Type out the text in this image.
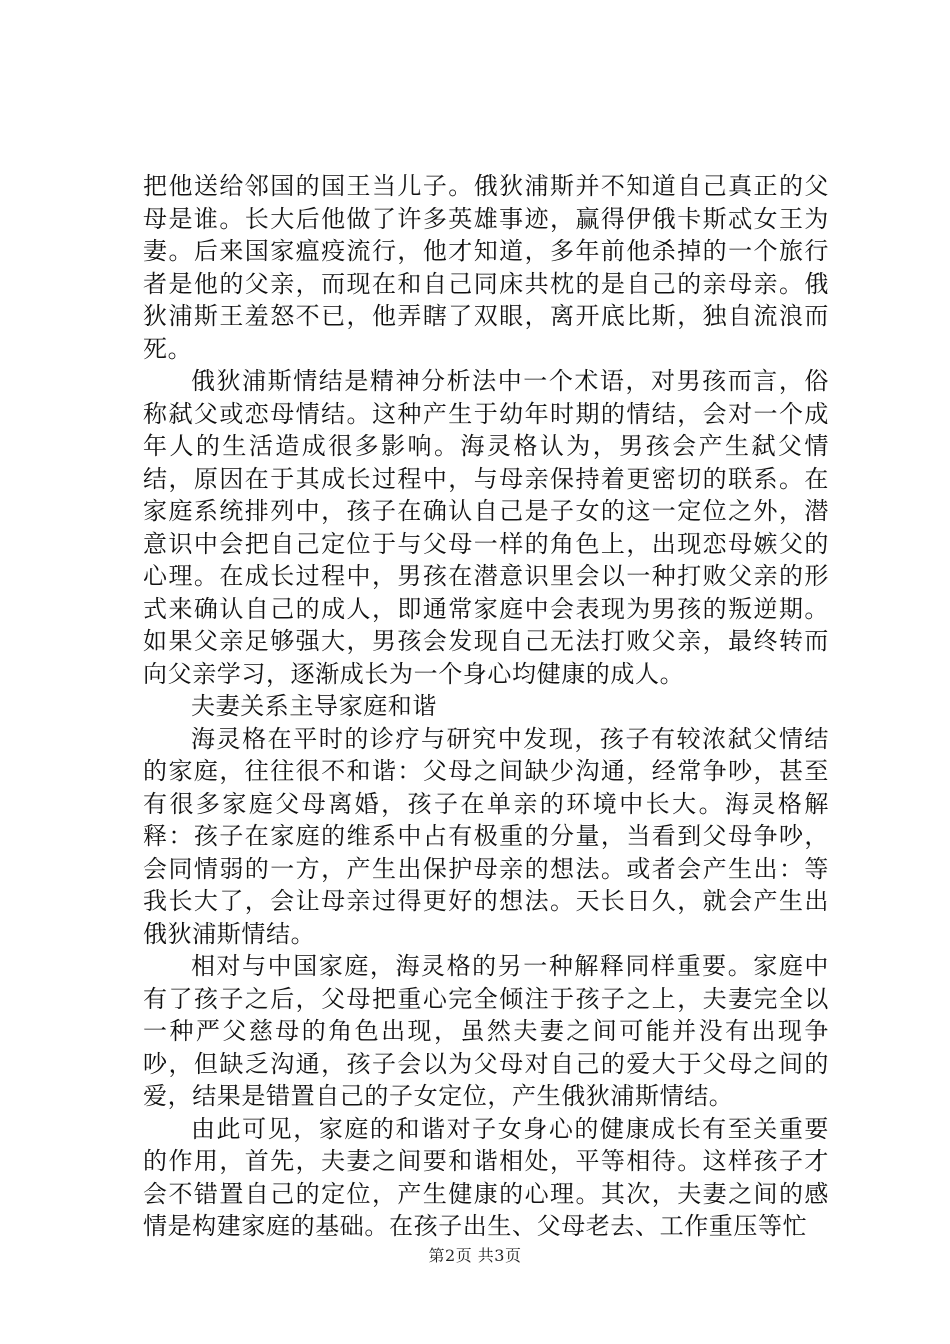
把他送给邻国的国王当儿子。俄狄浦斯并不知道自己真正的父母是谁。长大后他做了许多英雄事迹，赢得伊俄卡斯忒女王为妻。后来国家瘟疫流行，他才知道，多年前他杀掉的一个旅行者是他的父亲，而现在和自己同床共枕的是自己的亲母亲。俄狄浦斯王羞怒不已，他弄瞎了双眼，离开底比斯，独自流浪而死。

俄狄浦斯情结是精神分析法中一个术语，对男孩而言，俗称弑父或恋母情结。这种产生于幼年时期的情结，会对一个成年人的生活造成很多影响。海灵格认为，男孩会产生弑父情结，原因在于其成长过程中，与母亲保持着更密切的联系。在家庭系统排列中，孩子在确认自己是子女的这一定位之外，潜意识中会把自己定位于与父母一样的角色上，出现恋母嫉父的心理。在成长过程中，男孩在潜意识里会以一种打败父亲的形式来确认自己的成人，即通常家庭中会表现为男孩的叛逆期。如果父亲足够强大，男孩会发现自己无法打败父亲，最终转而向父亲学习，逐渐成长为一个身心均健康的成人。

夫妻关系主导家庭和谐

海灵格在平时的诊疗与研究中发现，孩子有较浓弑父情结的家庭，往往很不和谐：父母之间缺少沟通，经常争吵，甚至有很多家庭父母离婚，孩子在单亲的环境中长大。海灵格解释：孩子在家庭的维系中占有极重的分量，当看到父母争吵，会同情弱的一方，产生出保护母亲的想法。或者会产生出：等我长大了，会让母亲过得更好的想法。天长日久，就会产生出俄狄浦斯情结。

相对与中国家庭，海灵格的另一种解释同样重要。家庭中有了孩子之后，父母把重心完全倾注于孩子之上，夫妻完全以一种严父慈母的角色出现，虽然夫妻之间可能并没有出现争吵，但缺乏沟通，孩子会以为父母对自己的爱大于父母之间的爱，结果是错置自己的子女定位，产生俄狄浦斯情结。

由此可见，家庭的和谐对子女身心的健康成长有至关重要的作用，首先，夫妻之间要和谐相处，平等相待。这样孩子才会不错置自己的定位，产生健康的心理。其次，夫妻之间的感情是构建家庭的基础。在孩子出生、父母老去、工作重压等忙

第2页 共3页
